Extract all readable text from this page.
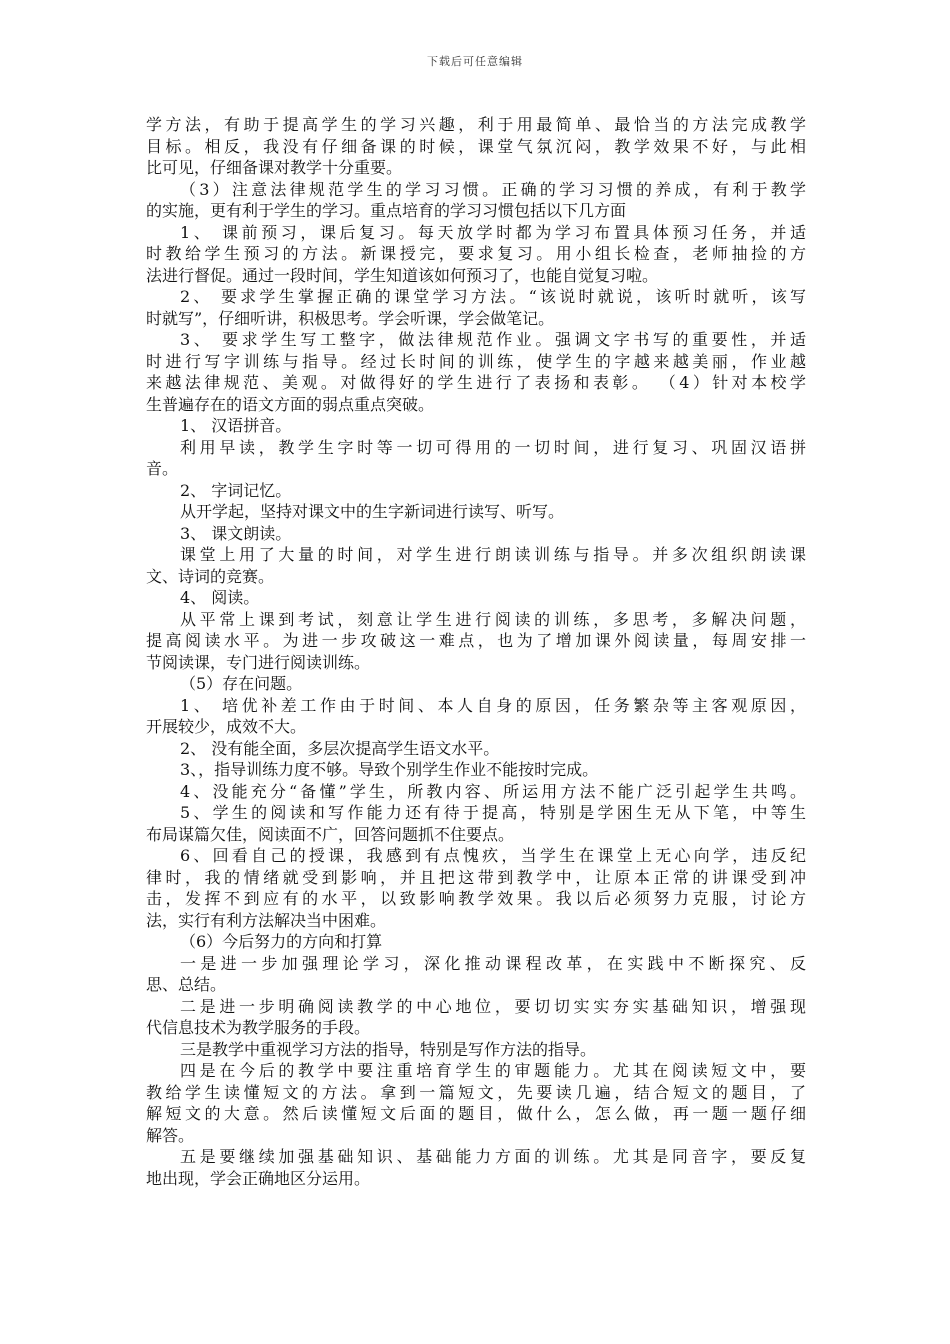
下载后可任意编辑
学方法，有助于提高学生的学习兴趣，利于用最简单、最恰当的方法完成教学
目标。相反，我没有仔细备课的时候，课堂气氛沉闷，教学效果不好，与此相
比可见，仔细备课对教学十分重要。
（3）注意法律规范学生的学习习惯。正确的学习习惯的养成，有利于教学
的实施，更有利于学生的学习。重点培育的学习习惯包括以下几方面
1、 课前预习，课后复习。每天放学时都为学习布置具体预习任务，并适
时教给学生预习的方法。新课授完，要求复习。用小组长检查，老师抽捡的方
法进行督促。通过一段时间，学生知道该如何预习了，也能自觉复习啦。
2、 要求学生掌握正确的课堂学习方法。“该说时就说，该听时就听，该写
时就写”，仔细听讲，积极思考。学会听课，学会做笔记。
3、 要求学生写工整字，做法律规范作业。强调文字书写的重要性，并适
时进行写字训练与指导。经过长时间的训练，使学生的字越来越美丽，作业越
来越法律规范、美观。对做得好的学生进行了表扬和表彰。 （4）针对本校学
生普遍存在的语文方面的弱点重点突破。
1、 汉语拼音。
利用早读，教学生字时等一切可得用的一切时间，进行复习、巩固汉语拼
音。
2、 字词记忆。
从开学起，坚持对课文中的生字新词进行读写、听写。
3、 课文朗读。
课堂上用了大量的时间，对学生进行朗读训练与指导。并多次组织朗读课
文、诗词的竞赛。
4、 阅读。
从平常上课到考试，刻意让学生进行阅读的训练，多思考，多解决问题，
提高阅读水平。为进一步攻破这一难点，也为了增加课外阅读量，每周安排一
节阅读课，专门进行阅读训练。
（5）存在问题。
1、 培优补差工作由于时间、本人自身的原因，任务繁杂等主客观原因，
开展较少，成效不大。
2、 没有能全面，多层次提高学生语文水平。
3、，指导训练力度不够。导致个别学生作业不能按时完成。
4、没能充分“备懂”学生，所教内容、所运用方法不能广泛引起学生共鸣。
5、学生的阅读和写作能力还有待于提高，特别是学困生无从下笔，中等生
布局谋篇欠佳，阅读面不广，回答问题抓不住要点。
6、回看自己的授课，我感到有点愧疚，当学生在课堂上无心向学，违反纪
律时，我的情绪就受到影响，并且把这带到教学中，让原本正常的讲课受到冲
击，发挥不到应有的水平，以致影响教学效果。我以后必须努力克服，讨论方
法，实行有利方法解决当中困难。
（6）今后努力的方向和打算
一是进一步加强理论学习，深化推动课程改革，在实践中不断探究、反
思、总结。
二是进一步明确阅读教学的中心地位，要切切实实夯实基础知识，增强现
代信息技术为教学服务的手段。
三是教学中重视学习方法的指导，特别是写作方法的指导。
四是在今后的教学中要注重培育学生的审题能力。尤其在阅读短文中，要
教给学生读懂短文的方法。拿到一篇短文，先要读几遍，结合短文的题目，了
解短文的大意。然后读懂短文后面的题目，做什么，怎么做，再一题一题仔细
解答。
五是要继续加强基础知识、基础能力方面的训练。尤其是同音字，要反复
地出现，学会正确地区分运用。
